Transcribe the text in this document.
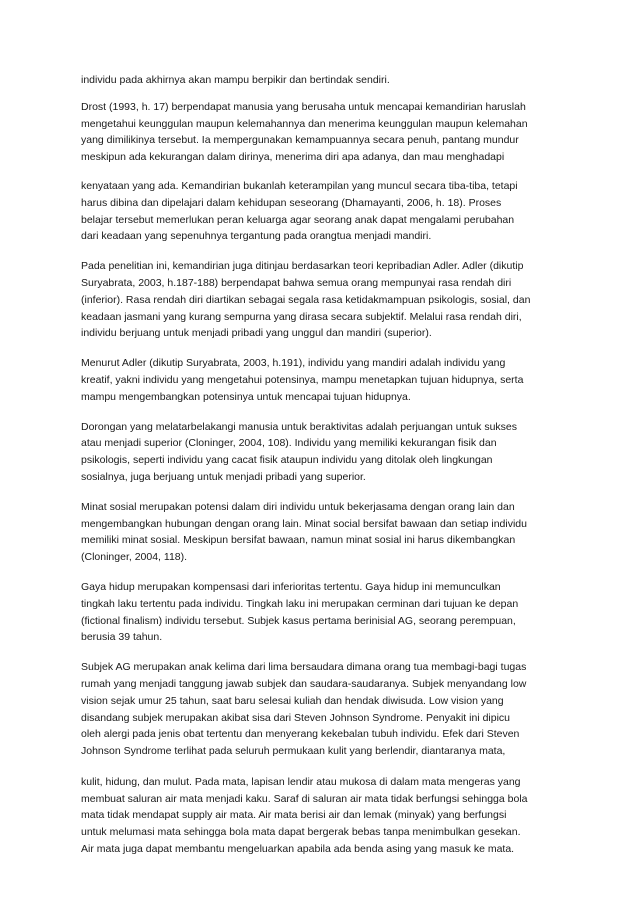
individu pada akhirnya akan mampu berpikir dan bertindak sendiri.
Drost (1993, h. 17) berpendapat manusia yang berusaha untuk mencapai kemandirian haruslah
mengetahui keunggulan maupun kelemahannya dan menerima keunggulan maupun kelemahan
yang dimilikinya tersebut. Ia mempergunakan kemampuannya secara penuh, pantang mundur
meskipun ada kekurangan dalam dirinya, menerima diri apa adanya, dan mau menghadapi
kenyataan yang ada. Kemandirian bukanlah keterampilan yang muncul secara tiba-tiba, tetapi
harus dibina dan dipelajari dalam kehidupan seseorang (Dhamayanti, 2006, h. 18). Proses
belajar tersebut memerlukan peran keluarga agar seorang anak dapat mengalami perubahan
dari keadaan yang sepenuhnya tergantung pada orangtua menjadi mandiri.
Pada penelitian ini, kemandirian juga ditinjau berdasarkan teori kepribadian Adler. Adler (dikutip
Suryabrata, 2003, h.187-188) berpendapat bahwa semua orang mempunyai rasa rendah diri
(inferior). Rasa rendah diri diartikan sebagai segala rasa ketidakmampuan psikologis, sosial, dan
keadaan jasmani yang kurang sempurna yang dirasa secara subjektif. Melalui rasa rendah diri,
individu berjuang untuk menjadi pribadi yang unggul dan mandiri (superior).
Menurut Adler (dikutip Suryabrata, 2003, h.191), individu yang mandiri adalah individu yang
kreatif, yakni individu yang mengetahui potensinya, mampu menetapkan tujuan hidupnya, serta
mampu mengembangkan potensinya untuk mencapai tujuan hidupnya.
Dorongan yang melatarbelakangi manusia untuk beraktivitas adalah perjuangan untuk sukses
atau menjadi superior (Cloninger, 2004, 108). Individu yang memiliki kekurangan fisik dan
psikologis, seperti individu yang cacat fisik ataupun individu yang ditolak oleh lingkungan
sosialnya, juga berjuang untuk menjadi pribadi yang superior.
Minat sosial merupakan potensi dalam diri individu untuk bekerjasama dengan orang lain dan
mengembangkan hubungan dengan orang lain. Minat social bersifat bawaan dan setiap individu
memiliki minat sosial. Meskipun bersifat bawaan, namun minat sosial ini harus dikembangkan
(Cloninger, 2004, 118).
Gaya hidup merupakan kompensasi dari inferioritas tertentu. Gaya hidup ini memunculkan
tingkah laku tertentu pada individu. Tingkah laku ini merupakan cerminan dari tujuan ke depan
(fictional finalism) individu tersebut. Subjek kasus pertama berinisial AG, seorang perempuan,
berusia 39 tahun.
Subjek AG merupakan anak kelima dari lima bersaudara dimana orang tua membagi-bagi tugas
rumah yang menjadi tanggung jawab subjek dan saudara-saudaranya. Subjek menyandang low
vision sejak umur 25 tahun, saat baru selesai kuliah dan hendak diwisuda. Low vision yang
disandang subjek merupakan akibat sisa dari Steven Johnson Syndrome. Penyakit ini dipicu
oleh alergi pada jenis obat tertentu dan menyerang kekebalan tubuh individu. Efek dari Steven
Johnson Syndrome terlihat pada seluruh permukaan kulit yang berlendir, diantaranya mata,
kulit, hidung, dan mulut. Pada mata, lapisan lendir atau mukosa di dalam mata mengeras yang
membuat saluran air mata menjadi kaku. Saraf di saluran air mata tidak berfungsi sehingga bola
mata tidak mendapat supply air mata. Air mata berisi air dan lemak (minyak) yang berfungsi
untuk melumasi mata sehingga bola mata dapat bergerak bebas tanpa menimbulkan gesekan.
Air mata juga dapat membantu mengeluarkan apabila ada benda asing yang masuk ke mata.
